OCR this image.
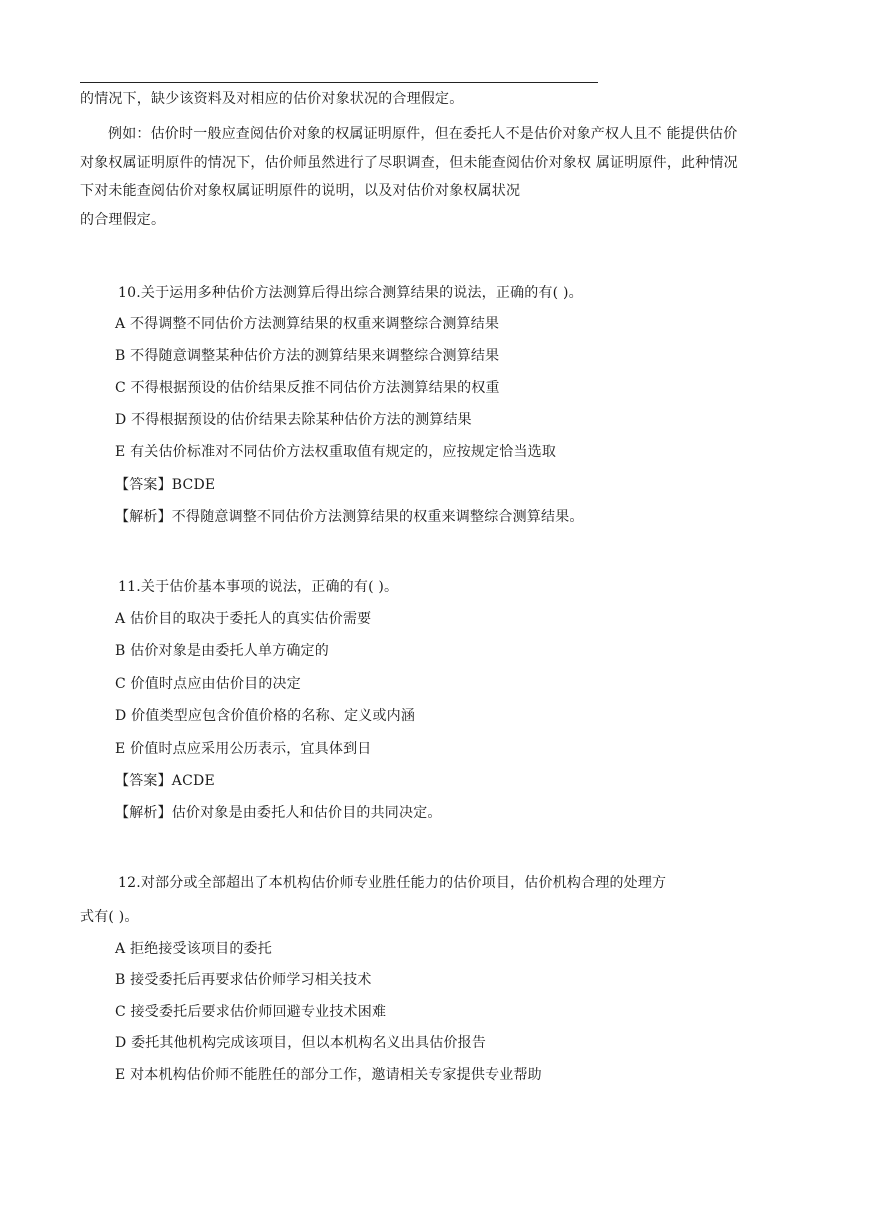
的情况下，缺少该资料及对相应的估价对象状况的合理假定。
例如：估价时一般应查阅估价对象的权属证明原件，但在委托人不是估价对象产权人且不 能提供估价
对象权属证明原件的情况下，估价师虽然进行了尽职调查，但未能查阅估价对象权 属证明原件，此种情况
下对未能查阅估价对象权属证明原件的说明，以及对估价对象权属状况
的合理假定。
10.关于运用多种估价方法测算后得出综合测算结果的说法，正确的有( )。
A 不得调整不同估价方法测算结果的权重来调整综合测算结果
B 不得随意调整某种估价方法的测算结果来调整综合测算结果
C 不得根据预设的估价结果反推不同估价方法测算结果的权重
D 不得根据预设的估价结果去除某种估价方法的测算结果
E 有关估价标准对不同估价方法权重取值有规定的，应按规定恰当选取
【答案】BCDE
【解析】不得随意调整不同估价方法测算结果的权重来调整综合测算结果。
11.关于估价基本事项的说法，正确的有( )。
A 估价目的取决于委托人的真实估价需要
B 估价对象是由委托人单方确定的
C 价值时点应由估价目的决定
D 价值类型应包含价值价格的名称、定义或内涵
E 价值时点应采用公历表示，宜具体到日
【答案】ACDE
【解析】估价对象是由委托人和估价目的共同决定。
12.对部分或全部超出了本机构估价师专业胜任能力的估价项目，估价机构合理的处理方
式有( )。
A 拒绝接受该项目的委托
B 接受委托后再要求估价师学习相关技术
C 接受委托后要求估价师回避专业技术困难
D 委托其他机构完成该项目，但以本机构名义出具估价报告
E 对本机构估价师不能胜任的部分工作，邀请相关专家提供专业帮助
